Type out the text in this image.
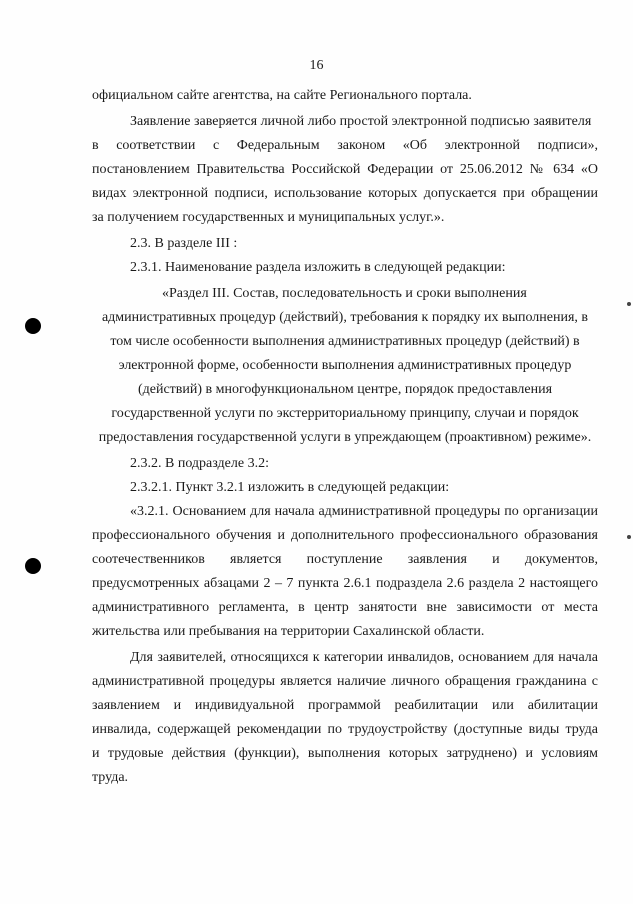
16
официальном сайте агентства, на сайте Регионального портала.
Заявление заверяется личной либо простой электронной подписью заявителя
в соответствии с Федеральным законом «Об электронной подписи»,
постановлением Правительства Российской Федерации от 25.06.2012 № 634 «О
видах электронной подписи, использование которых допускается при обращении
за получением государственных и муниципальных услуг.».
2.3. В разделе III :
2.3.1. Наименование раздела изложить в следующей редакции:
«Раздел III. Состав, последовательность и сроки выполнения
административных процедур (действий), требования к порядку их выполнения, в
том числе особенности выполнения административных процедур (действий) в
электронной форме, особенности выполнения административных процедур
(действий) в многофункциональном центре, порядок предоставления
государственной услуги по экстерриториальному принципу, случаи и порядок
предоставления государственной услуги в упреждающем (проактивном) режиме».
2.3.2. В подразделе 3.2:
2.3.2.1. Пункт 3.2.1 изложить в следующей редакции:
«3.2.1. Основанием для начала административной процедуры по организации
профессионального обучения и дополнительного профессионального образования
соотечественников является поступление заявления и документов,
предусмотренных абзацами 2 – 7 пункта 2.6.1 подраздела 2.6 раздела 2 настоящего
административного регламента, в центр занятости вне зависимости от места
жительства или пребывания на территории Сахалинской области.
Для заявителей, относящихся к категории инвалидов, основанием для начала
административной процедуры является наличие личного обращения гражданина с
заявлением и индивидуальной программой реабилитации или абилитации
инвалида, содержащей рекомендации по трудоустройству (доступные виды труда
и трудовые действия (функции), выполнения которых затруднено) и условиям
труда.
